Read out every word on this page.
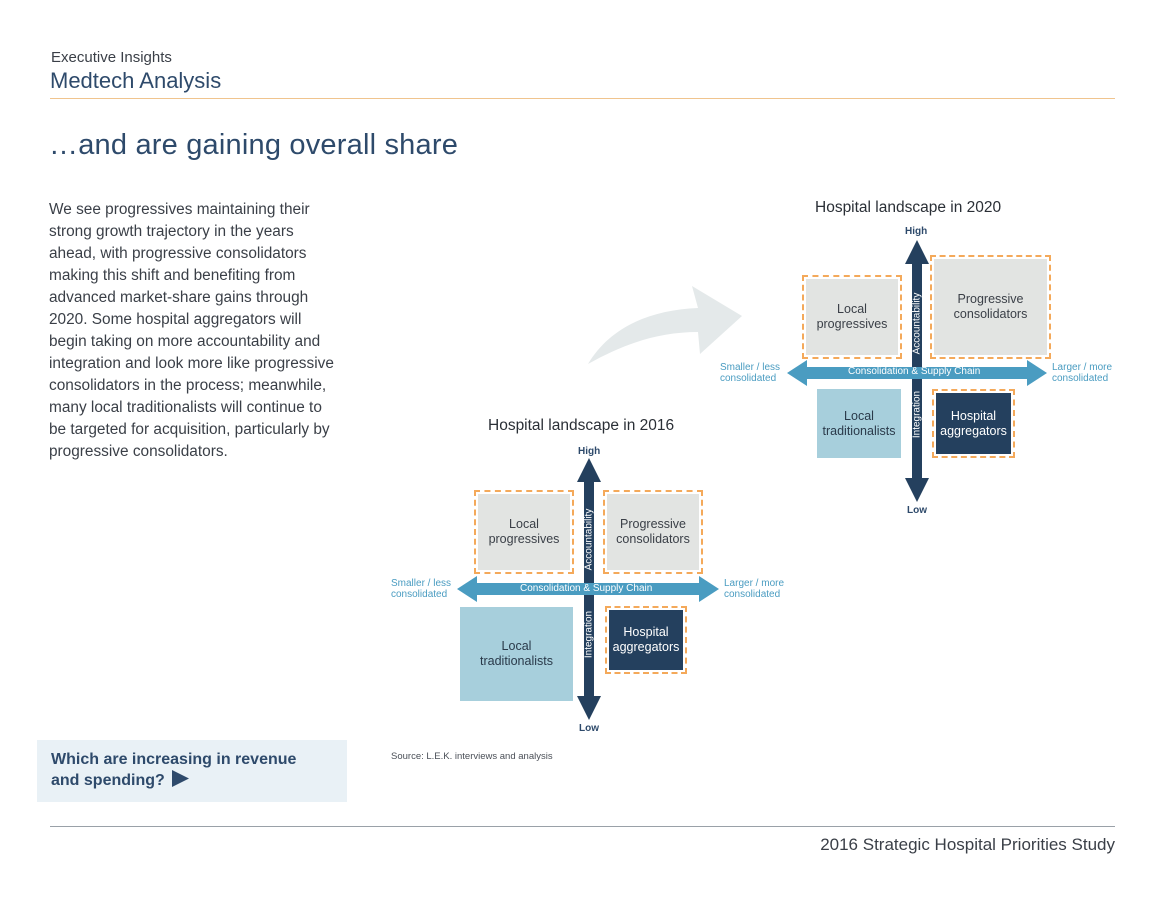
Executive Insights
Medtech Analysis
…and are gaining overall share
We see progressives maintaining their strong growth trajectory in the years ahead, with progressive consolidators making this shift and benefiting from advanced market-share gains through 2020. Some hospital aggregators will begin taking on more accountability and integration and look more like progressive consolidators in the process; meanwhile, many local traditionalists will continue to be targeted for acquisition, particularly by progressive consolidators.
Hospital landscape in 2020
High
Local
progressives
Progressive
consolidators
Local
traditionalists
Hospital
aggregators
Consolidation & Supply Chain
Accountability
Integration
Smaller / less
consolidated
Larger / more
consolidated
Low
Hospital landscape in 2016
High
Local
progressives
Progressive
consolidators
Local
traditionalists
Hospital
aggregators
Consolidation & Supply Chain
Accountability
Integration
Smaller / less
consolidated
Larger / more
consolidated
Low
Which are increasing in revenue
and spending?
Source: L.E.K. interviews and analysis
2016 Strategic Hospital Priorities Study
